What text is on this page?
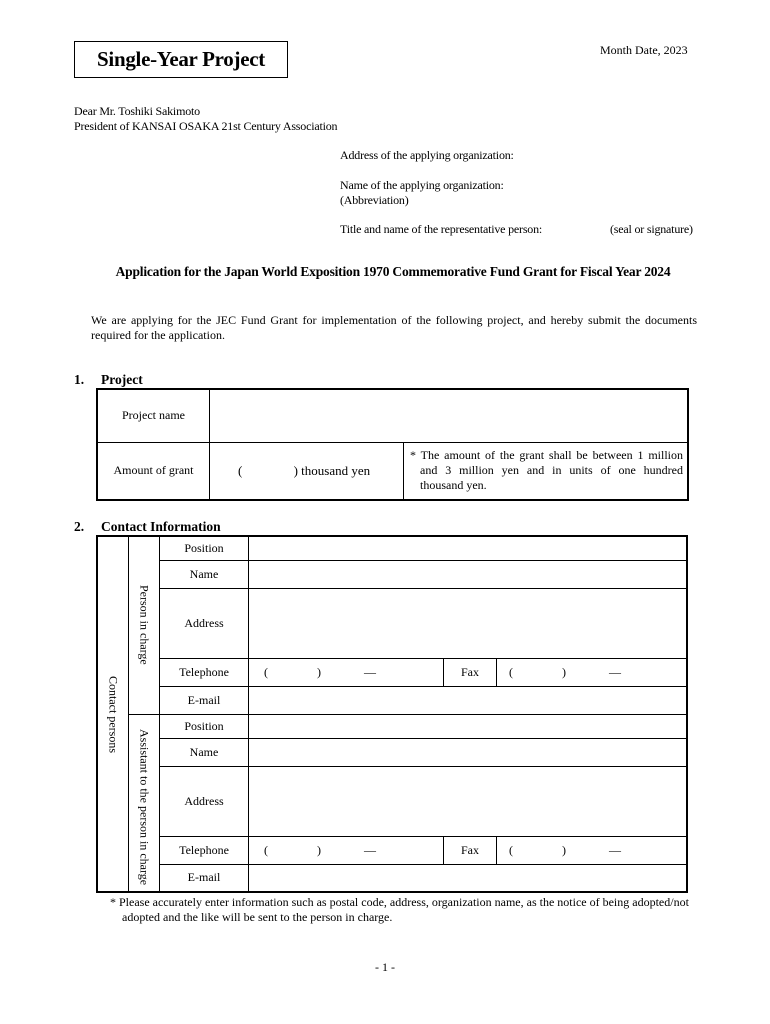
Single-Year Project	Month Date, 2023
Dear Mr. Toshiki Sakimoto
President of KANSAI OSAKA 21st Century Association
Address of the applying organization:
Name of the applying organization:
(Abbreviation)
Title and name of the representative person:	(seal or signature)
Application for the Japan World Exposition 1970 Commemorative Fund Grant for Fiscal Year 2024
We are applying for the JEC Fund Grant for implementation of the following project, and hereby submit the documents required for the application.
1. Project
Project name		
Amount of grant	( ) thousand yen	* The amount of the grant shall be between 1 million and 3 million yen and in units of one hundred thousand yen.
2. Contact Information
Contact persons	Person in charge	Position			
		Name			
		Address			
		Telephone	( ) —	Fax	( ) —
		E-mail			

	Assistant to the person in charge	Position			
		Name			
		Address			
		Telephone	( ) —	Fax	( ) —
		E-mail			
* Please accurately enter information such as postal code, address, organization name, as the notice of being adopted/not adopted and the like will be sent to the person in charge.
- 1 -
